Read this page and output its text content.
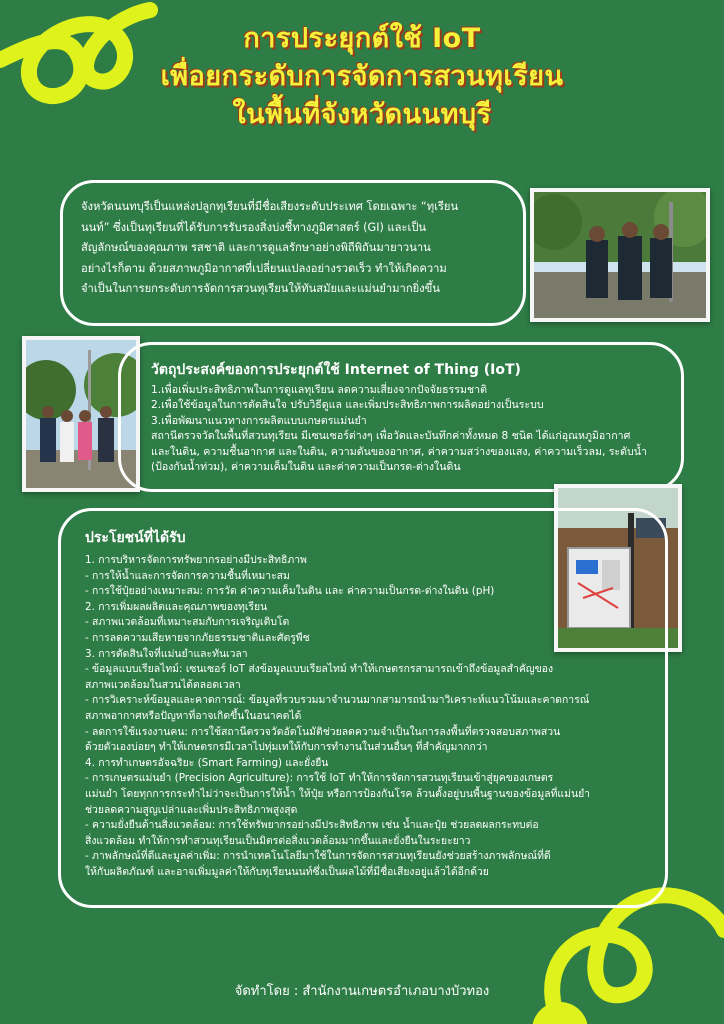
การประยุกต์ใช้ IoT
เพื่อยกระดับการจัดการสวนทุเรียน
ในพื้นที่จังหวัดนนทบุรี

จังหวัดนนทบุรีเป็นแหล่งปลูกทุเรียนที่มีชื่อเสียงระดับประเทศ โดยเฉพาะ “ทุเรียน

นนท์” ซึ่งเป็นทุเรียนที่ได้รับการรับรองสิ่งบ่งชี้ทางภูมิศาสตร์ (GI) และเป็น

สัญลักษณ์ของคุณภาพ รสชาติ และการดูแลรักษาอย่างพิถีพิถันมายาวนาน

อย่างไรก็ตาม ด้วยสภาพภูมิอากาศที่เปลี่ยนแปลงอย่างรวดเร็ว ทำให้เกิดความ

จำเป็นในการยกระดับการจัดการสวนทุเรียนให้ทันสมัยและแม่นยำมากยิ่งขึ้น

วัตถุประสงค์ของการประยุกต์ใช้ Internet of Thing (IoT)
1.เพื่อเพิ่มประสิทธิภาพในการดูแลทุเรียน ลดความเสี่ยงจากปัจจัยธรรมชาติ
2.เพื่อใช้ข้อมูลในการตัดสินใจ ปรับวิธีดูแล และเพิ่มประสิทธิภาพการผลิตอย่างเป็นระบบ
3.เพื่อพัฒนาแนวทางการผลิตแบบเกษตรแม่นยำ
สถานีตรวจวัดในพื้นที่สวนทุเรียน มีเซนเซอร์ต่างๆ เพื่อวัดและบันทึกค่าทั้งหมด 8 ชนิด ได้แก่อุณหภูมิอากาศ
และในดิน, ความชื้นอากาศ และในดิน, ความดันของอากาศ, ค่าความสว่างของแสง, ค่าความเร็วลม, ระดับน้ำ
(ป้องกันน้ำท่วม), ค่าความเค็มในดิน และค่าความเป็นกรด-ด่างในดิน
ประโยชน์ที่ได้รับ
1. การบริหารจัดการทรัพยากรอย่างมีประสิทธิภาพ
- การให้น้ำและการจัดการความชื้นที่เหมาะสม
- การใช้ปุ๋ยอย่างเหมาะสม: การวัด ค่าความเค็มในดิน และ ค่าความเป็นกรด-ด่างในดิน (pH)
2. การเพิ่มผลผลิตและคุณภาพของทุเรียน
- สภาพแวดล้อมที่เหมาะสมกับการเจริญเติบโต
- การลดความเสียหายจากภัยธรรมชาติและศัตรูพืช
3. การตัดสินใจที่แม่นยำและทันเวลา
- ข้อมูลแบบเรียลไทม์: เซนเซอร์ IoT ส่งข้อมูลแบบเรียลไทม์ ทำให้เกษตรกรสามารถเข้าถึงข้อมูลสำคัญของ
สภาพแวดล้อมในสวนได้ตลอดเวลา
- การวิเคราะห์ข้อมูลและคาดการณ์: ข้อมูลที่รวบรวมมาจำนวนมากสามารถนำมาวิเคราะห์แนวโน้มและคาดการณ์
สภาพอากาศหรือปัญหาที่อาจเกิดขึ้นในอนาคตได้
- ลดการใช้แรงงานคน: การใช้สถานีตรวจวัดอัตโนมัติช่วยลดความจำเป็นในการลงพื้นที่ตรวจสอบสภาพสวน
ด้วยตัวเองบ่อยๆ ทำให้เกษตรกรมีเวลาไปทุ่มเทให้กับการทำงานในส่วนอื่นๆ ที่สำคัญมากกว่า
4. การทำเกษตรอัจฉริยะ (Smart Farming) และยั่งยืน
- การเกษตรแม่นยำ (Precision Agriculture): การใช้ IoT ทำให้การจัดการสวนทุเรียนเข้าสู่ยุคของเกษตร
แม่นยำ โดยทุกการกระทำไม่ว่าจะเป็นการให้น้ำ ให้ปุ๋ย หรือการป้องกันโรค ล้วนตั้งอยู่บนพื้นฐานของข้อมูลที่แม่นยำ
ช่วยลดความสูญเปล่าและเพิ่มประสิทธิภาพสูงสุด
- ความยั่งยืนด้านสิ่งแวดล้อม: การใช้ทรัพยากรอย่างมีประสิทธิภาพ เช่น น้ำและปุ๋ย ช่วยลดผลกระทบต่อ
สิ่งแวดล้อม ทำให้การทำสวนทุเรียนเป็นมิตรต่อสิ่งแวดล้อมมากขึ้นและยั่งยืนในระยะยาว
- ภาพลักษณ์ที่ดีและมูลค่าเพิ่ม: การนำเทคโนโลยีมาใช้ในการจัดการสวนทุเรียนยังช่วยสร้างภาพลักษณ์ที่ดี
ให้กับผลิตภัณฑ์ และอาจเพิ่มมูลค่าให้กับทุเรียนนนท์ซึ่งเป็นผลไม้ที่มีชื่อเสียงอยู่แล้วได้อีกด้วย
จัดทำโดย : สำนักงานเกษตรอำเภอบางบัวทอง
